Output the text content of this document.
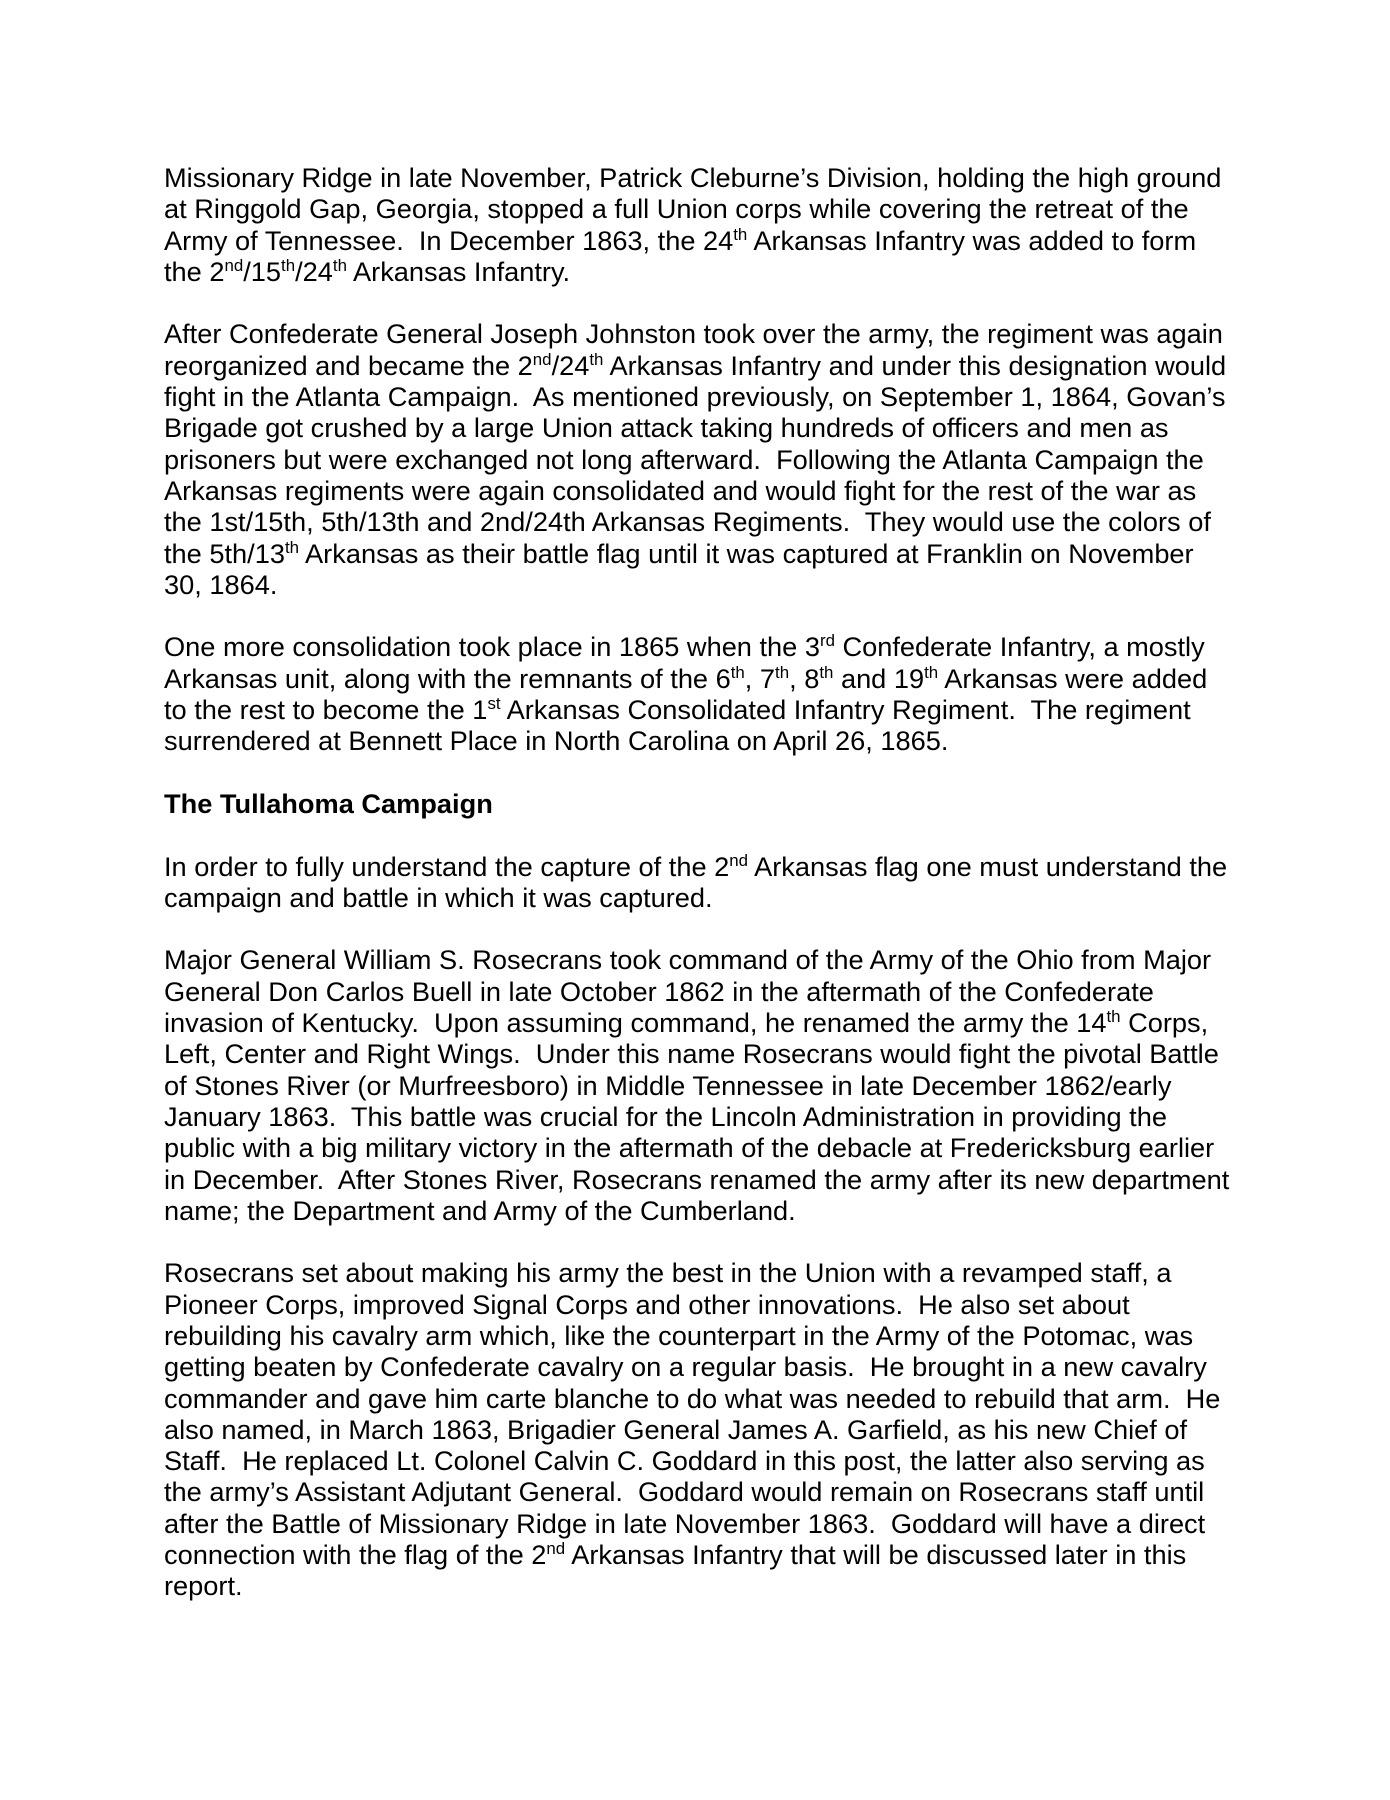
Missionary Ridge in late November, Patrick Cleburne’s Division, holding the high ground at Ringgold Gap, Georgia, stopped a full Union corps while covering the retreat of the Army of Tennessee.  In December 1863, the 24th Arkansas Infantry was added to form the 2nd/15th/24th Arkansas Infantry.

After Confederate General Joseph Johnston took over the army, the regiment was again reorganized and became the 2nd/24th Arkansas Infantry and under this designation would fight in the Atlanta Campaign.  As mentioned previously, on September 1, 1864, Govan’s Brigade got crushed by a large Union attack taking hundreds of officers and men as prisoners but were exchanged not long afterward.  Following the Atlanta Campaign the Arkansas regiments were again consolidated and would fight for the rest of the war as the 1st/15th, 5th/13th and 2nd/24th Arkansas Regiments.  They would use the colors of the 5th/13th Arkansas as their battle flag until it was captured at Franklin on November 30, 1864.

One more consolidation took place in 1865 when the 3rd Confederate Infantry, a mostly Arkansas unit, along with the remnants of the 6th, 7th, 8th and 19th Arkansas were added to the rest to become the 1st Arkansas Consolidated Infantry Regiment.  The regiment surrendered at Bennett Place in North Carolina on April 26, 1865.

The Tullahoma Campaign

In order to fully understand the capture of the 2nd Arkansas flag one must understand the campaign and battle in which it was captured.

Major General William S. Rosecrans took command of the Army of the Ohio from Major General Don Carlos Buell in late October 1862 in the aftermath of the Confederate invasion of Kentucky.  Upon assuming command, he renamed the army the 14th Corps, Left, Center and Right Wings.  Under this name Rosecrans would fight the pivotal Battle of Stones River (or Murfreesboro) in Middle Tennessee in late December 1862/early January 1863.  This battle was crucial for the Lincoln Administration in providing the public with a big military victory in the aftermath of the debacle at Fredericksburg earlier in December.  After Stones River, Rosecrans renamed the army after its new department name; the Department and Army of the Cumberland.

Rosecrans set about making his army the best in the Union with a revamped staff, a Pioneer Corps, improved Signal Corps and other innovations.  He also set about rebuilding his cavalry arm which, like the counterpart in the Army of the Potomac, was getting beaten by Confederate cavalry on a regular basis.  He brought in a new cavalry commander and gave him carte blanche to do what was needed to rebuild that arm.  He also named, in March 1863, Brigadier General James A. Garfield, as his new Chief of Staff.  He replaced Lt. Colonel Calvin C. Goddard in this post, the latter also serving as the army’s Assistant Adjutant General.  Goddard would remain on Rosecrans staff until after the Battle of Missionary Ridge in late November 1863.  Goddard will have a direct connection with the flag of the 2nd Arkansas Infantry that will be discussed later in this report.
